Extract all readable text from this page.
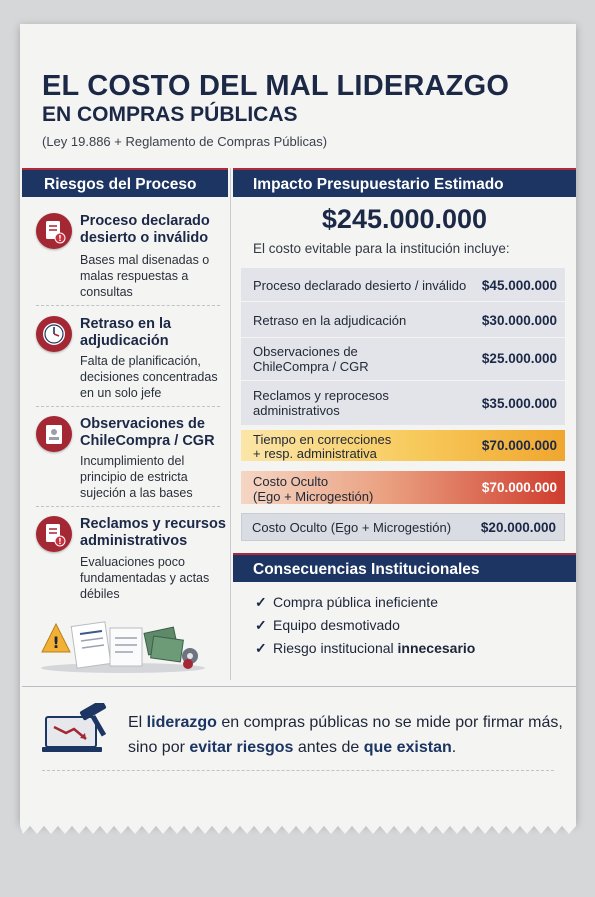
EL COSTO DEL MAL LIDERAZGO
EN COMPRAS PÚBLICAS
(Ley 19.886 + Reglamento de Compras Públicas)
Riesgos del Proceso
!
Proceso declarado desierto o inválido
Bases mal disenadas o malas respuestas a consultas
Retraso en la adjudicación
Falta de planificación, decisiones concentradas en un solo jefe
Observaciones de ChileCompra / CGR
Incumplimiento del principio de estricta sujeción a las bases
!
Reclamos y recursos administrativos
Evaluaciones poco fundamentadas y actas débiles
!
Impacto Presupuestario Estimado
$245.000.000
El costo evitable para la institución incluye:
Proceso declarado desierto / inválido $45.000.000
Retraso en la adjudicación	$30.000.000
Observaciones de
ChileCompra / CGR
$25.000.000
Reclamos y reprocesos
administrativos	$35.000.000
Tiempo en correcciones
+ resp. administrativa
$70.000.000
Costo Oculto
(Ego + Microgestión)
$70.000.000
Costo Oculto (Ego + Microgestión) $20.000.000
Consecuencias Institucionales
✓ Compra pública ineficiente
✓ Equipo desmotivado
✓ Riesgo institucional innecesario
El liderazgo en compras públicas no se mide por firmar más, sino por evitar riesgos antes de que existan.
